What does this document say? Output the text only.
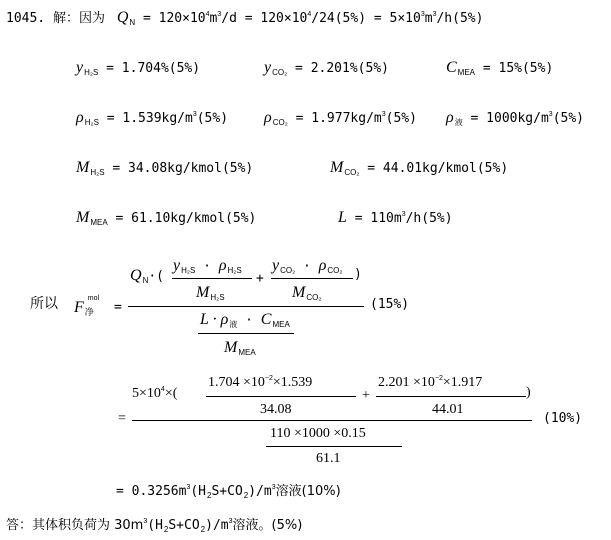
1045. 解：因为 $Q_N = 120\times 10^4m^3/d = 120\times 10^4/24(5\%) = 5\times 10^3m^3/h(5\%)$
$y_{H_2S} = 1.704\%(5\%)$	$y_{CO_2} = 2.201\%(5\%)$	$C_{MEA} = 15\%(5\%)$
$\rho_{H_2S} = 1.539kg/m^3(5\%) \rho_{CO_2} = 1.977kg/m^3(5\%) \rho_液 = 1000kg/m^3(5\%)$
$M_{H_2S}$ = 34.08kg/kmol(5%)	$M_{CO_2}$ = 44.01kg/kmol(5%)
$M_{MEA}$ = 61.10kg/kmol(5%)	$L = 110m^3/h(5\%)$
所以 $F_净^{mol}$
=
$Q_N\cdot$(
$y_{H_2S} \cdot \rho_{H_2S}$
$M_{H_2S}$
+
$y_{CO_2} \cdot \rho_{CO_2}$
$M_{CO_2}$
)
(15%)
$L \cdot \rho_液 \cdot C_{MEA}$
$M_{MEA}$
=
$5\times 10^4\times$(
$1.704 \times 10^{-2}\times 1.539$
34.08
+
$2.201 \times 10^{-2}\times 1.917$
44.01
)
(10%)
110 ×1000 ×0.15
61.1
= $0.3256m^3(H_2S+CO_2)/m^3$溶液(10%)
答：其体积负荷为 $30m^3(H_2S+CO_2)/m^3$溶液。(5%)
